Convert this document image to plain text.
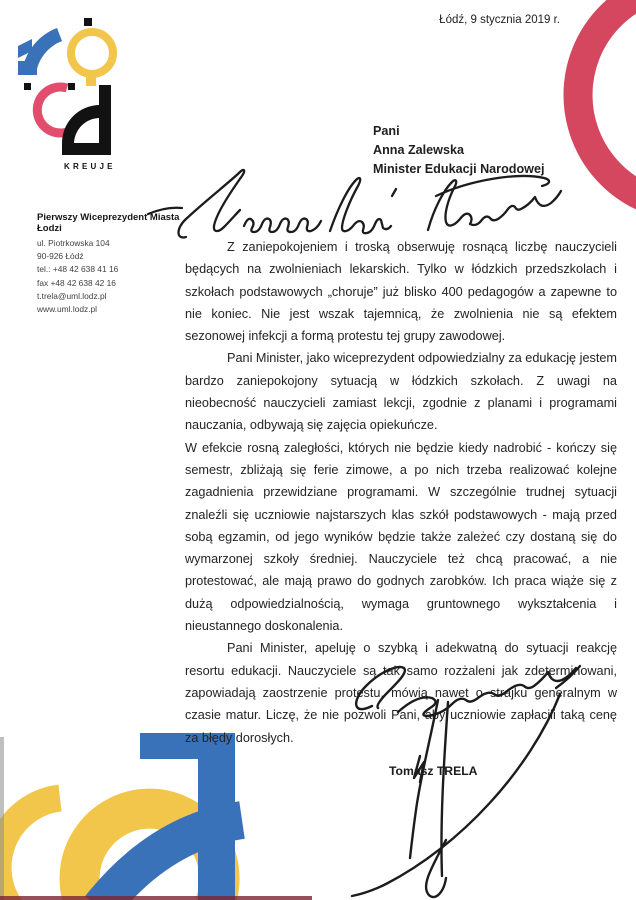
KREUJE
Łódź, 9 stycznia 2019 r.
Pani
Anna Zalewska
Minister Edukacji Narodowej
Pierwszy Wiceprezydent Miasta Łodzi
ul. Piotrkowska 104
90-926 Łódź
tel.: +48 42 638 41 16
fax +48 42 638 42 16
t.trela@uml.lodz.pl
www.uml.lodz.pl

Z zaniepokojeniem i troską obserwuję rosnącą liczbę nauczycieli będących na zwolnieniach lekarskich. Tylko w łódzkich przedszkolach i szkołach podstawowych „choruje” już blisko 400 pedagogów a zapewne to nie koniec. Nie jest wszak tajemnicą, że zwolnienia nie są efektem sezonowej infekcji a formą protestu tej grupy zawodowej.

Pani Minister, jako wiceprezydent odpowiedzialny za edukację jestem bardzo zaniepokojony sytuacją w łódzkich szkołach. Z uwagi na nieobecność nauczycieli zamiast lekcji, zgodnie z planami i programami nauczania, odbywają się zajęcia opiekuńcze.

W efekcie rosną zaległości, których nie będzie kiedy nadrobić - kończy się semestr, zbliżają się ferie zimowe, a po nich trzeba realizować kolejne zagadnienia przewidziane programami. W szczególnie trudnej sytuacji znaleźli się uczniowie najstarszych klas szkół podstawowych - mają przed sobą egzamin, od jego wyników będzie także zależeć czy dostaną się do wymarzonej szkoły średniej. Nauczyciele też chcą pracować, a nie protestować, ale mają prawo do godnych zarobków. Ich praca wiąże się z dużą odpowiedzialnością, wymaga gruntownego wykształcenia i nieustannego doskonalenia.

Pani Minister, apeluję o szybką i adekwatną do sytuacji reakcję resortu edukacji. Nauczyciele są tak samo rozżaleni jak zdeterminowani, zapowiadają zaostrzenie protestu, mówią nawet o strajku generalnym w czasie matur. Liczę, że nie pozwoli Pani, aby uczniowie zapłacili taką cenę za błędy dorosłych.

Tomasz TRELA
